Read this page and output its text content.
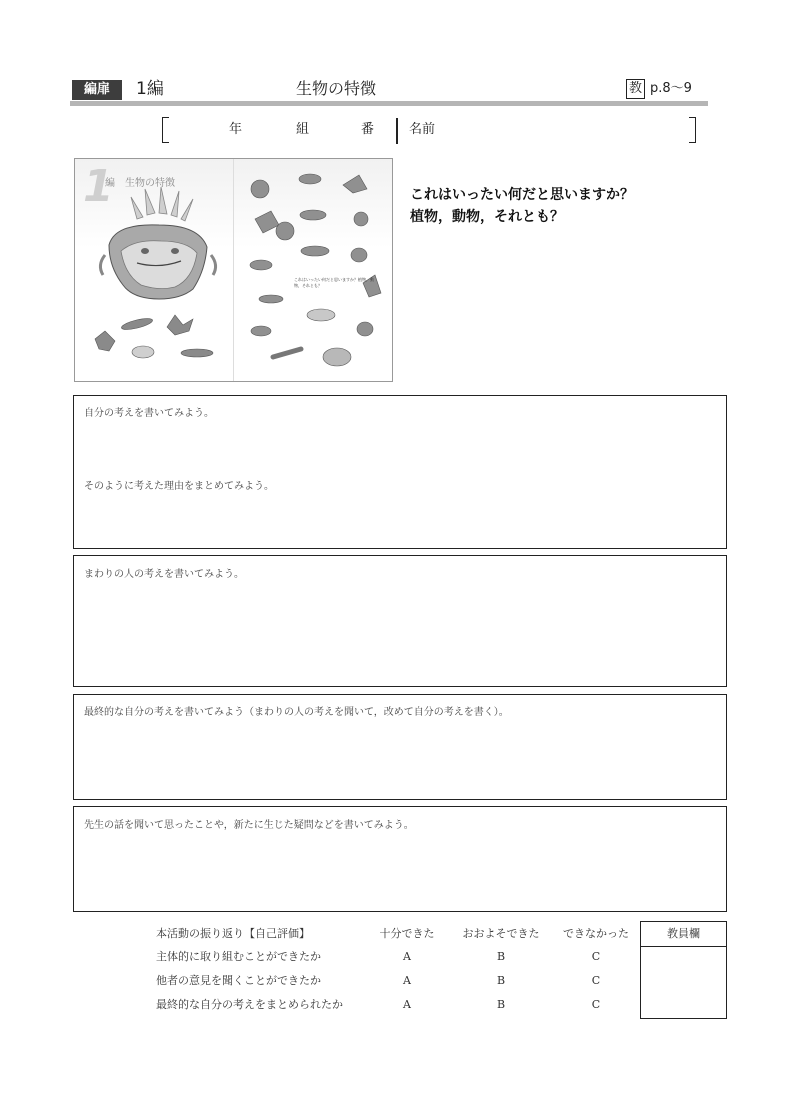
編扉	1編	生物の特徴	教 p.8〜9
年	組	番	名前
1
編　生物の特徴
これはいったい何だと思いますか？植物，動物，それとも？
これはいったい何だと思いますか？
植物，動物，それとも？
自分の考えを書いてみよう。
そのように考えた理由をまとめてみよう。
まわりの人の考えを書いてみよう。
最終的な自分の考えを書いてみよう（まわりの人の考えを聞いて，改めて自分の考えを書く）。
先生の話を聞いて思ったことや，新たに生じた疑問などを書いてみよう。
本活動の振り返り【自己評価】	十分できた	おおよそできた	できなかった
主体的に取り組むことができたか	A	B	C
他者の意見を聞くことができたか	A	B	C
最終的な自分の考えをまとめられたか	A	B	C
教員欄
